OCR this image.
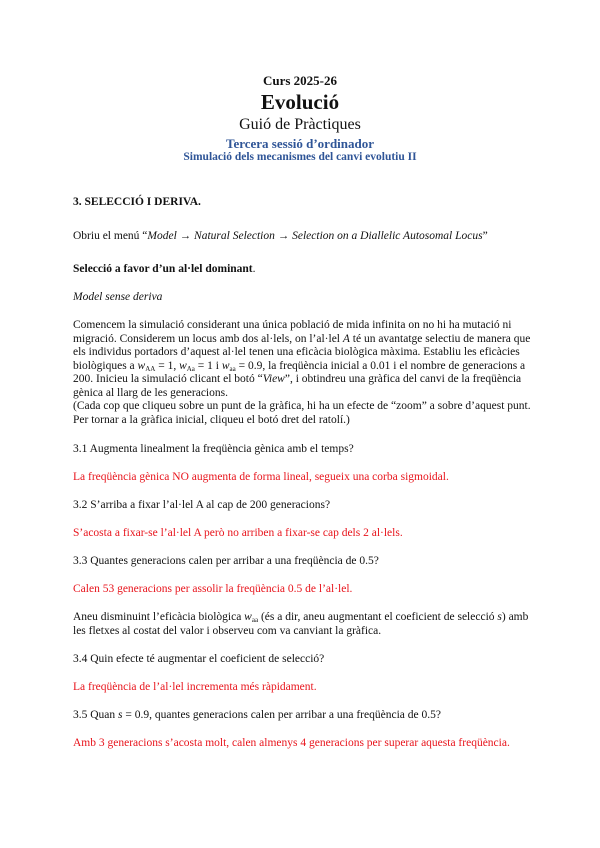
Curs 2025-26
Evolució
Guió de Pràctiques
Tercera sessió d’ordinador
Simulació dels mecanismes del canvi evolutiu II
3. SELECCIÓ I DERIVA.
Obriu el menú “Model → Natural Selection → Selection on a Diallelic Autosomal Locus”
Selecció a favor d’un al·lel dominant.
Model sense deriva
Comencem la simulació considerant una única població de mida infinita on no hi ha mutació ni migració. Considerem un locus amb dos al·lels, on l’al·lel A té un avantatge selectiu de manera que els individus portadors d’aquest al·lel tenen una eficàcia biològica màxima. Establiu les eficàcies biològiques a $w_{AA} = 1$, $w_{Aa} = 1$ i $w_{aa} = 0.9$, la freqüència inicial a 0.01 i el nombre de generacions a 200. Inicieu la simulació clicant el botó “View”, i obtindreu una gràfica del canvi de la freqüència gènica al llarg de les generacions.
(Cada cop que cliqueu sobre un punt de la gràfica, hi ha un efecte de “zoom” a sobre d’aquest punt. Per tornar a la gràfica inicial, cliqueu el botó dret del ratolí.)
3.1 Augmenta linealment la freqüència gènica amb el temps?
La freqüència gènica NO augmenta de forma lineal, segueix una corba sigmoidal.
3.2 S’arriba a fixar l’al·lel A al cap de 200 generacions?
S’acosta a fixar-se l’al·lel A però no arriben a fixar-se cap dels 2 al·lels.
3.3 Quantes generacions calen per arribar a una freqüència de 0.5?
Calen 53 generacions per assolir la freqüència 0.5 de l’al·lel.
Aneu disminuint l’eficàcia biològica $w_{aa}$ (és a dir, aneu augmentant el coeficient de selecció s) amb les fletxes al costat del valor i observeu com va canviant la gràfica.
3.4 Quin efecte té augmentar el coeficient de selecció?
La freqüència de l’al·lel incrementa més ràpidament.
3.5 Quan s = 0.9, quantes generacions calen per arribar a una freqüència de 0.5?
Amb 3 generacions s’acosta molt, calen almenys 4 generacions per superar aquesta freqüència.
